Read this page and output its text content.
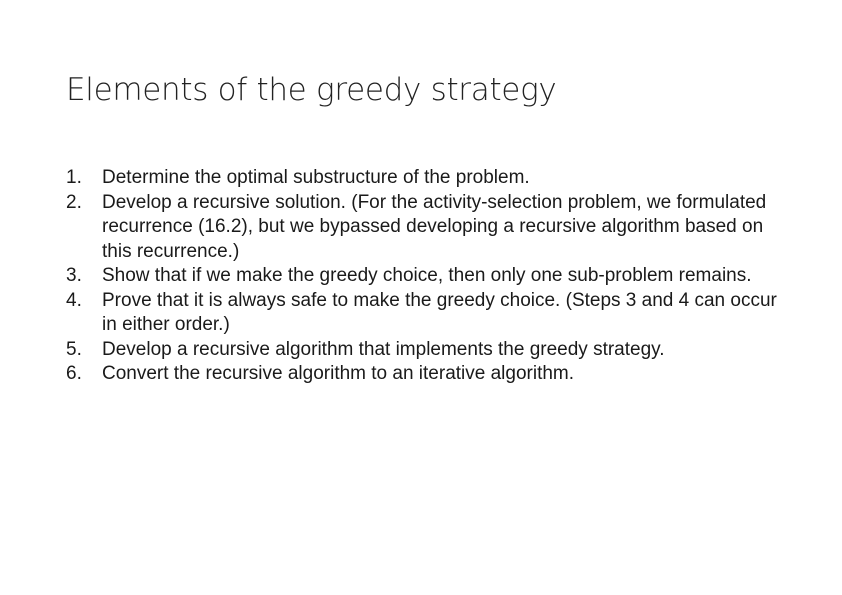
Elements of the greedy strategy
1.	Determine the optimal substructure of the problem.
2.	Develop a recursive solution. (For the activity-selection problem, we formulated recurrence (16.2), but we bypassed developing a recursive algorithm based on this recurrence.)
3.	Show that if we make the greedy choice, then only one sub-problem remains.
4.	Prove that it is always safe to make the greedy choice. (Steps 3 and 4 can occur in either order.)
5.	Develop a recursive algorithm that implements the greedy strategy.
6.	Convert the recursive algorithm to an iterative algorithm.
